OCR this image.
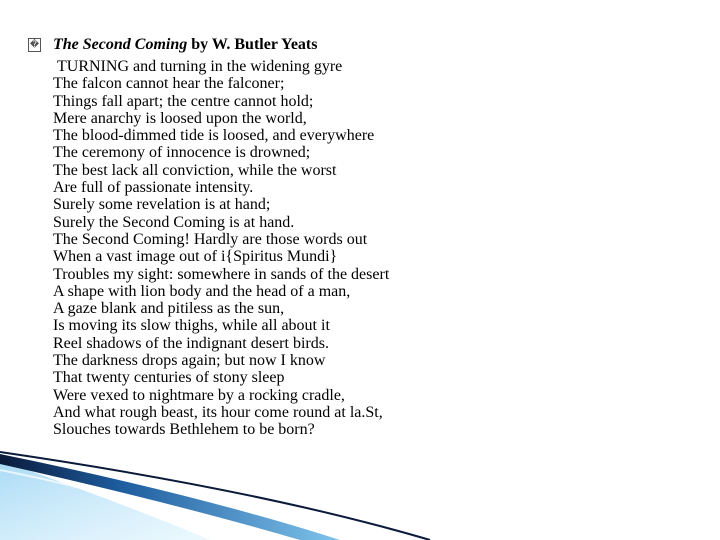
� The Second Coming by W. Butler Yeats
TURNING and turning in the widening gyre
The falcon cannot hear the falconer;
Things fall apart; the centre cannot hold;
Mere anarchy is loosed upon the world,
The blood-dimmed tide is loosed, and everywhere
The ceremony of innocence is drowned;
The best lack all conviction, while the worst
Are full of passionate intensity.
Surely some revelation is at hand;
Surely the Second Coming is at hand.
The Second Coming! Hardly are those words out
When a vast image out of i{Spiritus Mundi}
Troubles my sight: somewhere in sands of the desert
A shape with lion body and the head of a man,
A gaze blank and pitiless as the sun,
Is moving its slow thighs, while all about it
Reel shadows of the indignant desert birds.
The darkness drops again; but now I know
That twenty centuries of stony sleep
Were vexed to nightmare by a rocking cradle,
And what rough beast, its hour come round at la.St,
Slouches towards Bethlehem to be born?
